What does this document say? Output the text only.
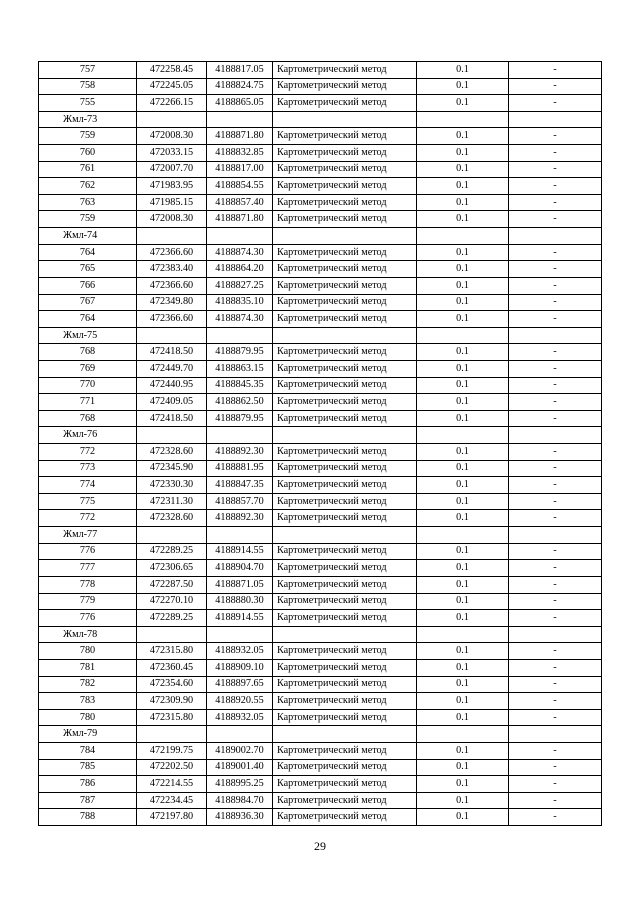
757	472258.45	4188817.05	Картометрический метод	0.1	-
758	472245.05	4188824.75	Картометрический метод	0.1	-
755	472266.15	4188865.05	Картометрический метод	0.1	-
Жмл-73					
759	472008.30	4188871.80	Картометрический метод	0.1	-
760	472033.15	4188832.85	Картометрический метод	0.1	-
761	472007.70	4188817.00	Картометрический метод	0.1	-
762	471983.95	4188854.55	Картометрический метод	0.1	-
763	471985.15	4188857.40	Картометрический метод	0.1	-
759	472008.30	4188871.80	Картометрический метод	0.1	-
Жмл-74					
764	472366.60	4188874.30	Картометрический метод	0.1	-
765	472383.40	4188864.20	Картометрический метод	0.1	-
766	472366.60	4188827.25	Картометрический метод	0.1	-
767	472349.80	4188835.10	Картометрический метод	0.1	-
764	472366.60	4188874.30	Картометрический метод	0.1	-
Жмл-75					
768	472418.50	4188879.95	Картометрический метод	0.1	-
769	472449.70	4188863.15	Картометрический метод	0.1	-
770	472440.95	4188845.35	Картометрический метод	0.1	-
771	472409.05	4188862.50	Картометрический метод	0.1	-
768	472418.50	4188879.95	Картометрический метод	0.1	-
Жмл-76					
772	472328.60	4188892.30	Картометрический метод	0.1	-
773	472345.90	4188881.95	Картометрический метод	0.1	-
774	472330.30	4188847.35	Картометрический метод	0.1	-
775	472311.30	4188857.70	Картометрический метод	0.1	-
772	472328.60	4188892.30	Картометрический метод	0.1	-
Жмл-77					
776	472289.25	4188914.55	Картометрический метод	0.1	-
777	472306.65	4188904.70	Картометрический метод	0.1	-
778	472287.50	4188871.05	Картометрический метод	0.1	-
779	472270.10	4188880.30	Картометрический метод	0.1	-
776	472289.25	4188914.55	Картометрический метод	0.1	-
Жмл-78					
780	472315.80	4188932.05	Картометрический метод	0.1	-
781	472360.45	4188909.10	Картометрический метод	0.1	-
782	472354.60	4188897.65	Картометрический метод	0.1	-
783	472309.90	4188920.55	Картометрический метод	0.1	-
780	472315.80	4188932.05	Картометрический метод	0.1	-
Жмл-79					
784	472199.75	4189002.70	Картометрический метод	0.1	-
785	472202.50	4189001.40	Картометрический метод	0.1	-
786	472214.55	4188995.25	Картометрический метод	0.1	-
787	472234.45	4188984.70	Картометрический метод	0.1	-
788	472197.80	4188936.30	Картометрический метод	0.1	-
29
